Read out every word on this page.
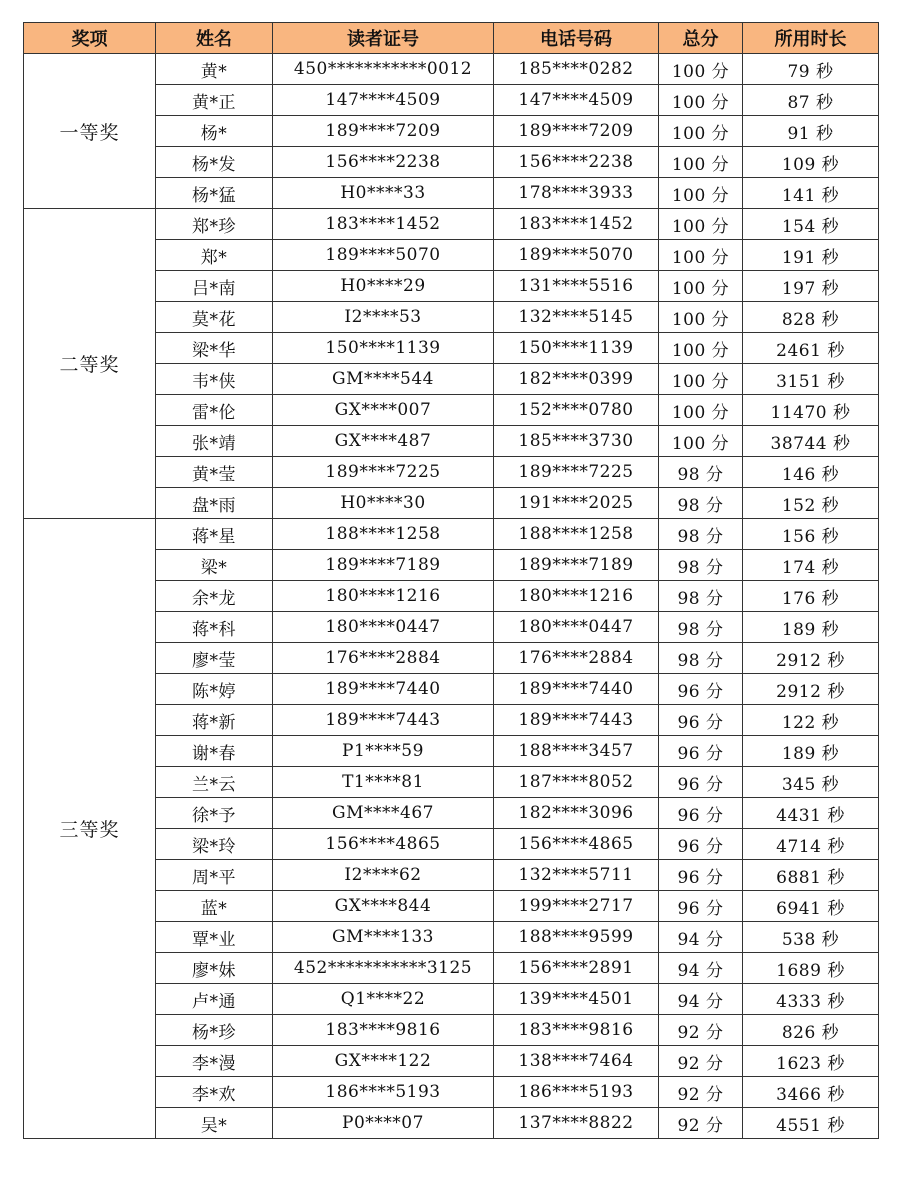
奖项	姓名	读者证号	电话号码	总分	所用时长
一等奖	黄*	450***********0012	185****0282	100 分	79 秒
	黄*正	147****4509	147****4509	100 分	87 秒
	杨*	189****7209	189****7209	100 分	91 秒
	杨*发	156****2238	156****2238	100 分	109 秒
	杨*猛	H0****33	178****3933	100 分	141 秒
二等奖	郑*珍	183****1452	183****1452	100 分	154 秒
	郑*	189****5070	189****5070	100 分	191 秒
	吕*南	H0****29	131****5516	100 分	197 秒
	莫*花	I2****53	132****5145	100 分	828 秒
	梁*华	150****1139	150****1139	100 分	2461 秒
	韦*侠	GM****544	182****0399	100 分	3151 秒
	雷*伦	GX****007	152****0780	100 分	11470 秒
	张*靖	GX****487	185****3730	100 分	38744 秒
	黄*莹	189****7225	189****7225	98 分	146 秒
	盘*雨	H0****30	191****2025	98 分	152 秒
三等奖	蒋*星	188****1258	188****1258	98 分	156 秒
	梁*	189****7189	189****7189	98 分	174 秒
	余*龙	180****1216	180****1216	98 分	176 秒
	蒋*科	180****0447	180****0447	98 分	189 秒
	廖*莹	176****2884	176****2884	98 分	2912 秒
	陈*婷	189****7440	189****7440	96 分	2912 秒
	蒋*新	189****7443	189****7443	96 分	122 秒
	谢*春	P1****59	188****3457	96 分	189 秒
	兰*云	T1****81	187****8052	96 分	345 秒
	徐*予	GM****467	182****3096	96 分	4431 秒
	梁*玲	156****4865	156****4865	96 分	4714 秒
	周*平	I2****62	132****5711	96 分	6881 秒
	蓝*	GX****844	199****2717	96 分	6941 秒
	覃*业	GM****133	188****9599	94 分	538 秒
	廖*妹	452***********3125	156****2891	94 分	1689 秒
	卢*通	Q1****22	139****4501	94 分	4333 秒
	杨*珍	183****9816	183****9816	92 分	826 秒
	李*漫	GX****122	138****7464	92 分	1623 秒
	李*欢	186****5193	186****5193	92 分	3466 秒
	吴*	P0****07	137****8822	92 分	4551 秒
